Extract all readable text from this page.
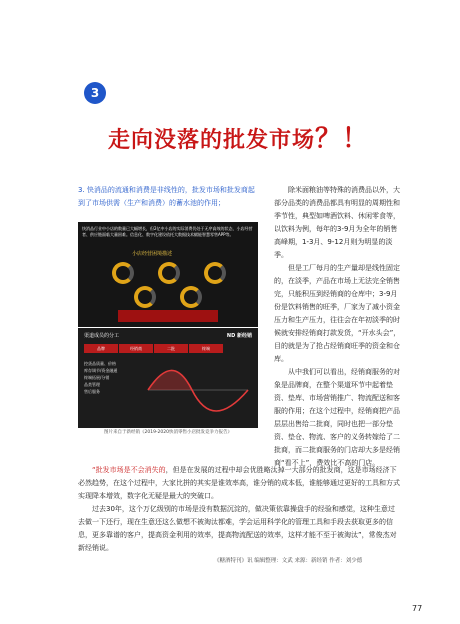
3
走向没落的批发市场？！
3. 快消品的流通和消费是非线性的，批发市场和批发商起到了市场供需（生产和消费）的蓄水池的作用；
快消品行业中小店的数量已大幅增长，但2亿中小店的实际消费仍处于无序高效的状态，小店经营者、供应链面临大量困难。信息化、数字化建设依托大数据技术赋能智慧零售APP等。
小店经营困境描述
渠道成员的分工	ND 新经销
品牌	经销商	二批	终端
控货品质量、价格
库存调节/资金融通
终端拓展/分销
品类管理
售后服务
图片来自于新经销《2019-2020快消零售小店批发竞争力报告》

除米面粮油等特殊的消费品以外，大部分品类的消费品都具有明显的周期性和季节性，典型如啤酒饮料、休闲零食等，以饮料为例，每年的3-9月为全年的销售高峰期，1-3月、9-12月则为明显的淡季。

但是工厂每月的生产量却是线性固定的，在淡季，产品在市场上无法完全销售完，只能积压到经销商的仓库中；3-9月份是饮料销售的旺季，厂家为了减小资金压力和生产压力，往往会在年初淡季的时候就安排经销商打款发货，“开水头会”，目的就是为了抢占经销商旺季的资金和仓库。

从中我们可以看出，经销商服务的对象是品牌商，在整个渠道环节中起着垫资、垫库、市场营销推广、物流配送和客服的作用；在这个过程中，经销商把产品层层出售给二批商，同时也把一部分垫资、垫仓、物流、客户的义务转嫁给了二批商，而二批商服务的门店却大多是经销商“看不上”，费效比不高的门店。

“批发市场是不会消失的，但是在发展的过程中却会优胜略汰掉一大部分的批发商，这是市场经济下必然趋势，在这个过程中，大家比拼的其实是谁效率高，谁分销的成本低，谁能够通过更好的工具和方式实现降本增效，数字化无疑是最大的突破口。

过去30年，这个万亿级别的市场是没有数据沉淀的，做决策依靠操盘手的经验和感觉，这种生意过去做一下还行，现在生意还这么做想不被淘汰都难，学会运用科学化的管理工具和手段去获取更多的信息，更多靠谱的客户，提高资金利用的效率，提高物流配送的效率，这样才能不至于被淘汰”，常俊杰对新经销说。

《糖酒特刊》讯 编辑整理：文武 来源：新经销 作者：刘少德
77
